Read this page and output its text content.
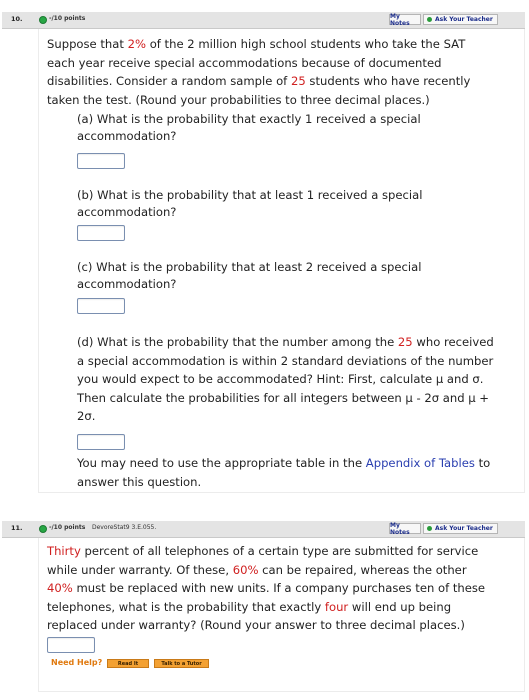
10.	-/10 points	My Notes	Ask Your Teacher
Suppose that 2% of the 2 million high school students who take the SAT
each year receive special accommodations because of documented
disabilities. Consider a random sample of 25 students who have recently
taken the test. (Round your probabilities to three decimal places.)
(a) What is the probability that exactly 1 received a special
accommodation?
(b) What is the probability that at least 1 received a special
accommodation?
(c) What is the probability that at least 2 received a special
accommodation?
(d) What is the probability that the number among the 25 who received
a special accommodation is within 2 standard deviations of the number
you would expect to be accommodated? Hint: First, calculate μ and σ.
Then calculate the probabilities for all integers between μ - 2σ and μ +
2σ.
You may need to use the appropriate table in the Appendix of Tables to
answer this question.
11.	-/10 points DevoreStat9 3.E.055.	My Notes	Ask Your Teacher
Thirty percent of all telephones of a certain type are submitted for service
while under warranty. Of these, 60% can be repaired, whereas the other
40% must be replaced with new units. If a company purchases ten of these
telephones, what is the probability that exactly four will end up being
replaced under warranty? (Round your answer to three decimal places.)
Need Help?	Read It	Talk to a Tutor
